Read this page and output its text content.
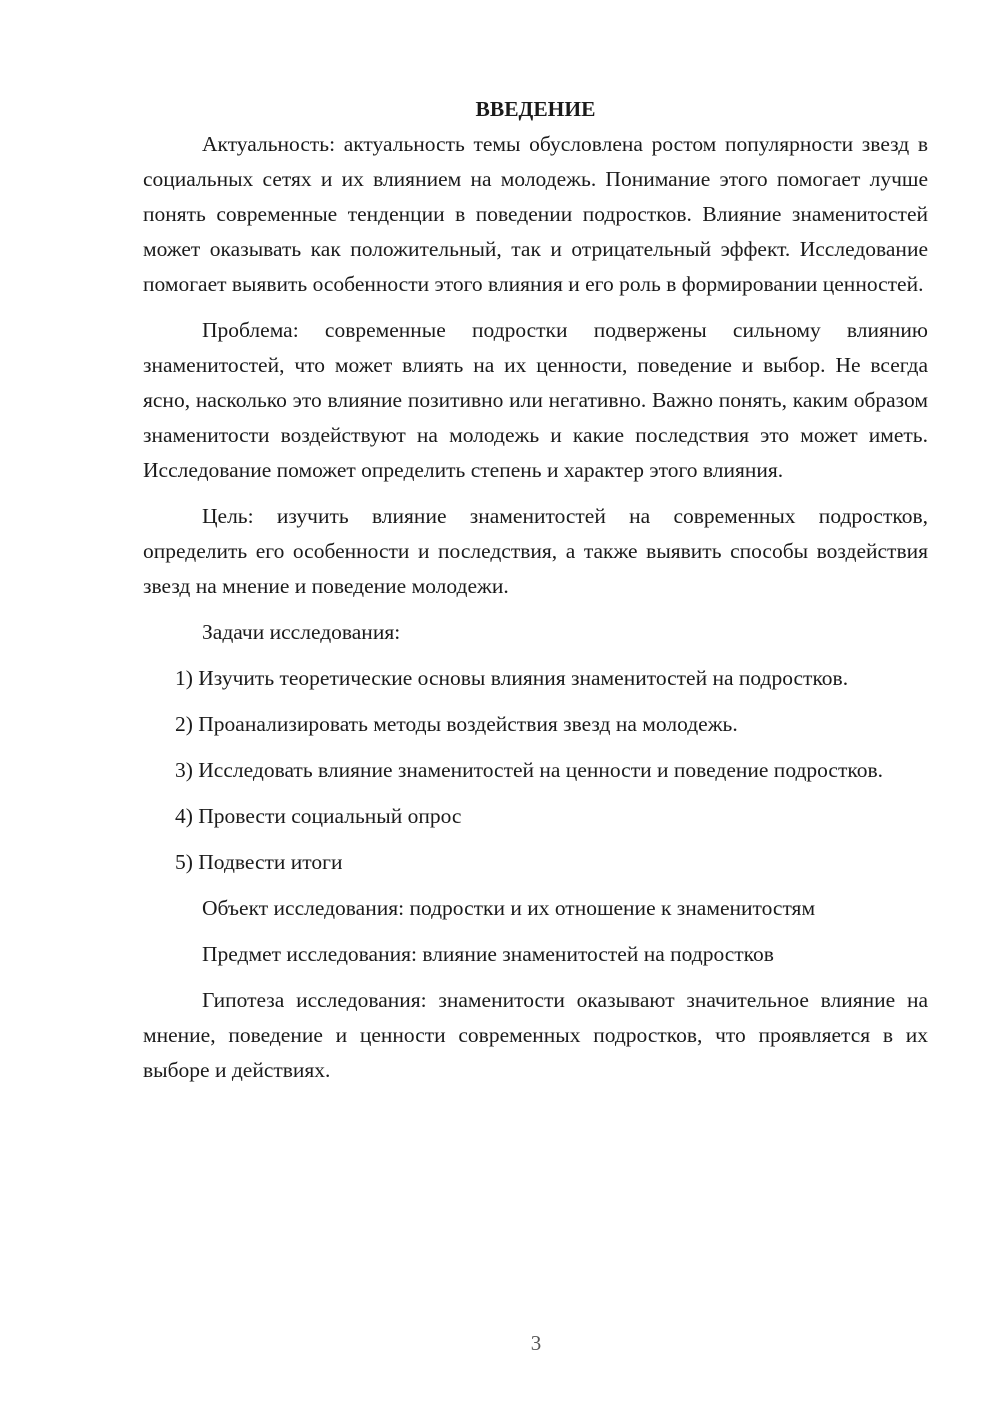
ВВЕДЕНИЕ

Актуальность: актуальность темы обусловлена ростом популярности звезд в социальных сетях и их влиянием на молодежь. Понимание этого помогает лучше понять современные тенденции в поведении подростков. Влияние знаменитостей может оказывать как положительный, так и отрицательный эффект. Исследование помогает выявить особенности этого влияния и его роль в формировании ценностей.

Проблема: современные подростки подвержены сильному влиянию знаменитостей, что может влиять на их ценности, поведение и выбор. Не всегда ясно, насколько это влияние позитивно или негативно. Важно понять, каким образом знаменитости воздействуют на молодежь и какие последствия это может иметь. Исследование поможет определить степень и характер этого влияния.

Цель: изучить влияние знаменитостей на современных подростков, определить его особенности и последствия, а также выявить способы воздействия звезд на мнение и поведение молодежи.

Задачи исследования:

1) Изучить теоретические основы влияния знаменитостей на подростков.

2) Проанализировать методы воздействия звезд на молодежь.

3) Исследовать влияние знаменитостей на ценности и поведение подростков.

4) Провести социальный опрос

5) Подвести итоги

Объект исследования: подростки и их отношение к знаменитостям

Предмет исследования: влияние знаменитостей на подростков

Гипотеза исследования: знаменитости оказывают значительное влияние на мнение, поведение и ценности современных подростков, что проявляется в их выборе и действиях.

3
